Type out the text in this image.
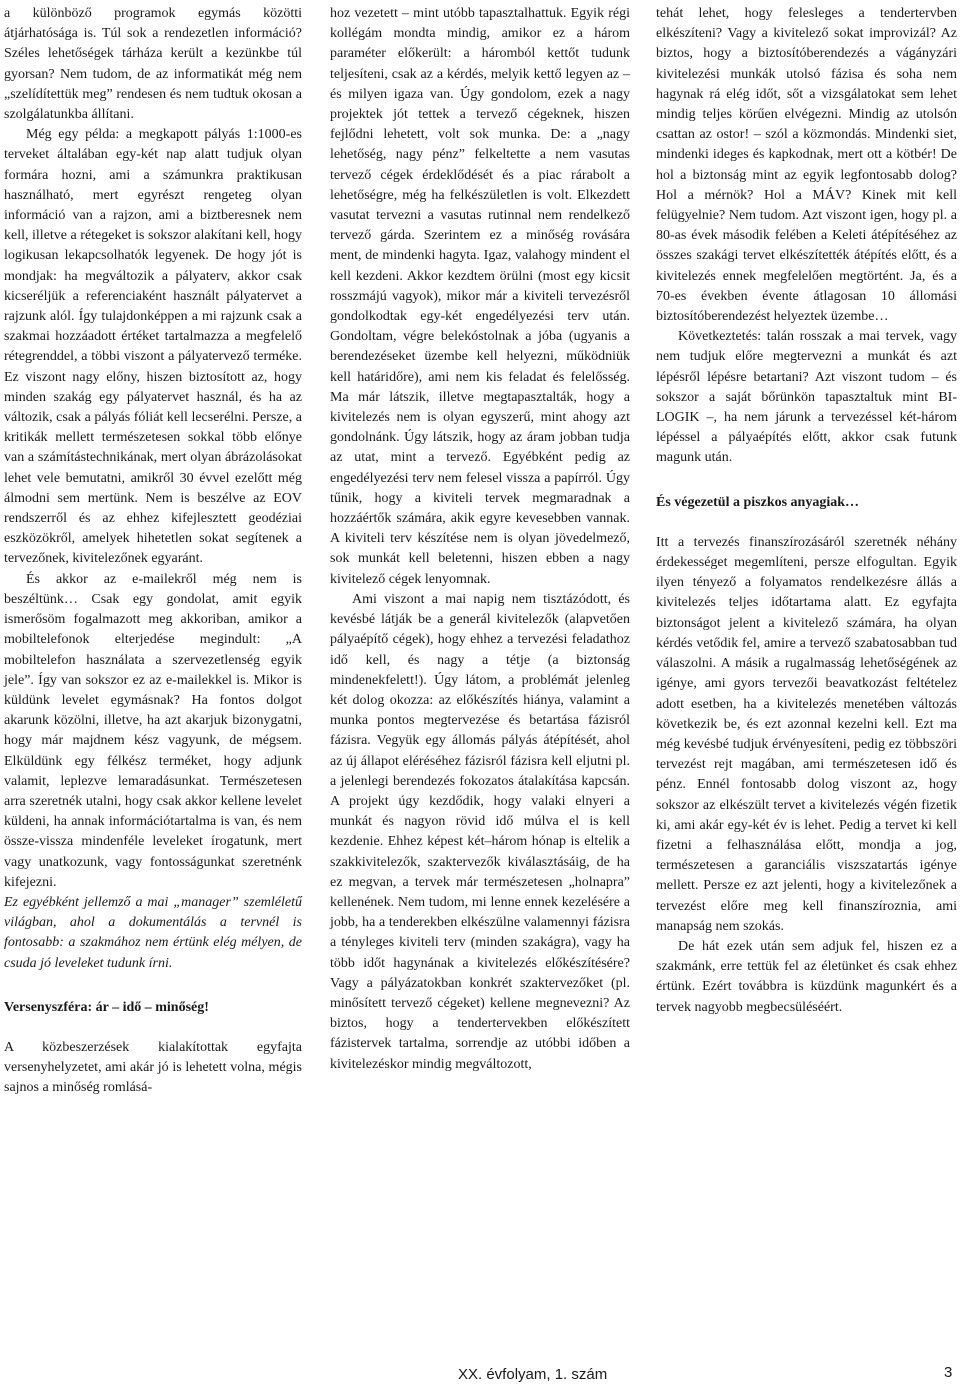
a különböző programok egymás közötti átjárhatósága is. Túl sok a rendezetlen információ? Széles lehetőségek tárháza került a kezünkbe túl gyorsan? Nem tudom, de az informatikát még nem „szelídítettük meg” rendesen és nem tudtuk okosan a szolgálatunkba állítani.

Még egy példa: a megkapott pályás 1:1000-es terveket általában egy-két nap alatt tudjuk olyan formára hozni, ami a számunkra praktikusan használható, mert egyrészt rengeteg olyan információ van a rajzon, ami a biztberesnek nem kell, illetve a rétegeket is sokszor alakítani kell, hogy logikusan lekapcsolhatók legyenek. De hogy jót is mondjak: ha megváltozik a pályaterv, akkor csak kicseréljük a referenciaként használt pályatervet a rajzunk alól. Így tulajdonképpen a mi rajzunk csak a szakmai hozzáadott értéket tartalmazza a megfelelő rétegrenddel, a többi viszont a pályatervező terméke. Ez viszont nagy előny, hiszen biztosított az, hogy minden szakág egy pályatervet használ, és ha az változik, csak a pályás fóliát kell lecserélni. Persze, a kritikák mellett természetesen sokkal több előnye van a számítástechnikának, mert olyan ábrázolásokat lehet vele bemutatni, amikről 30 évvel ezelőtt még álmodni sem mertünk. Nem is beszélve az EOV rendszerről és az ehhez kifejlesztett geodéziai eszközökről, amelyek hihetetlen sokat segítenek a tervezőnek, kivitelezőnek egyaránt.

És akkor az e-mailekről még nem is beszéltünk… Csak egy gondolat, amit egyik ismerősöm fogalmazott meg akkoriban, amikor a mobiltelefonok elterjedése megindult: „A mobiltelefon használata a szervezetlenség egyik jele”. Így van sokszor ez az e-mailekkel is. Mikor is küldünk levelet egymásnak? Ha fontos dolgot akarunk közölni, illetve, ha azt akarjuk bizonygatni, hogy már majdnem kész vagyunk, de mégsem. Elküldünk egy félkész terméket, hogy adjunk valamit, leplezve lemaradásunkat. Természetesen arra szeretnék utalni, hogy csak akkor kellene levelet küldeni, ha annak információtartalma is van, és nem össze-vissza mindenféle leveleket írogatunk, mert vagy unatkozunk, vagy fontosságunkat szeretnénk kifejezni.

Ez egyébként jellemző a mai „manager” szemléletű világban, ahol a dokumentálás a tervnél is fontosabb: a szakmához nem értünk elég mélyen, de csuda jó leveleket tudunk írni.

Versenyszféra: ár – idő – minőség!

A közbeszerzések kialakítottak egyfajta versenyhelyzetet, ami akár jó is lehetett volna, mégis sajnos a minőség romlásá-

hoz vezetett – mint utóbb tapasztalhattuk. Egyik régi kollégám mondta mindig, amikor ez a három paraméter előkerült: a háromból kettőt tudunk teljesíteni, csak az a kérdés, melyik kettő legyen az – és milyen igaza van. Úgy gondolom, ezek a nagy projektek jót tettek a tervező cégeknek, hiszen fejlődni lehetett, volt sok munka. De: a „nagy lehetőség, nagy pénz” felkeltette a nem vasutas tervező cégek érdeklődését és a piac rárabolt a lehetőségre, még ha felkészületlen is volt. Elkezdett vasutat tervezni a vasutas rutinnal nem rendelkező tervező gárda. Szerintem ez a minőség rovására ment, de mindenki hagyta. Igaz, valahogy mindent el kell kezdeni. Akkor kezdtem örülni (most egy kicsit rosszmájú vagyok), mikor már a kiviteli tervezésről gondolkodtak egy-két engedélyezési terv után. Gondoltam, végre belekóstolnak a jóba (ugyanis a berendezéseket üzembe kell helyezni, működniük kell határidőre), ami nem kis feladat és felelősség. Ma már látszik, illetve megtapasztalták, hogy a kivitelezés nem is olyan egyszerű, mint ahogy azt gondolnánk. Úgy látszik, hogy az áram jobban tudja az utat, mint a tervező. Egyébként pedig az engedélyezési terv nem felesel vissza a papírról. Úgy tűnik, hogy a kiviteli tervek megmaradnak a hozzáértők számára, akik egyre kevesebben vannak. A kiviteli terv készítése nem is olyan jövedelmező, sok munkát kell beletenni, hiszen ebben a nagy kivitelező cégek lenyomnak.

Ami viszont a mai napig nem tisztázódott, és kevésbé látják be a generál kivitelezők (alapvetően pályaépítő cégek), hogy ehhez a tervezési feladathoz idő kell, és nagy a tétje (a biztonság mindenekfelett!). Úgy látom, a problémát jelenleg két dolog okozza: az előkészítés hiánya, valamint a munka pontos megtervezése és betartása fázisról fázisra. Vegyük egy állomás pályás átépítését, ahol az új állapot eléréséhez fázisról fázisra kell eljutni pl. a jelenlegi berendezés fokozatos átalakítása kapcsán. A projekt úgy kezdődik, hogy valaki elnyeri a munkát és nagyon rövid idő múlva el is kell kezdenie. Ehhez képest két–három hónap is eltelik a szakkivitelezők, szaktervezők kiválasztásáig, de ha ez megvan, a tervek már természetesen „holnapra” kellenének. Nem tudom, mi lenne ennek kezelésére a jobb, ha a tenderekben elkészülne valamennyi fázisra a tényleges kiviteli terv (minden szakágra), vagy ha több időt hagynának a kivitelezés előkészítésére? Vagy a pályázatokban konkrét szaktervezőket (pl. minősített tervező cégeket) kellene megnevezni? Az biztos, hogy a tendertervekben előkészített fázistervek tartalma, sorrendje az utóbbi időben a kivitelezéskor mindig megváltozott,

tehát lehet, hogy felesleges a tendertervben elkészíteni? Vagy a kivitelező sokat improvizál? Az biztos, hogy a biztosítóberendezés a vágányzári kivitelezési munkák utolsó fázisa és soha nem hagynak rá elég időt, sőt a vizsgálatokat sem lehet mindig teljes körűen elvégezni. Mindig az utolsón csattan az ostor! – szól a közmondás. Mindenki siet, mindenki ideges és kapkodnak, mert ott a kötbér! De hol a biztonság mint az egyik legfontosabb dolog? Hol a mérnök? Hol a MÁV? Kinek mit kell felügyelnie? Nem tudom. Azt viszont igen, hogy pl. a 80-as évek második felében a Keleti átépítéséhez az összes szakági tervet elkészítették átépítés előtt, és a kivitelezés ennek megfelelően megtörtént. Ja, és a 70-es években évente átlagosan 10 állomási biztosítóberendezést helyeztek üzembe…

Következtetés: talán rosszak a mai tervek, vagy nem tudjuk előre megtervezni a munkát és azt lépésről lépésre betartani? Azt viszont tudom – és sokszor a saját bőrünkön tapasztaltuk mint BI-LOGIK –, ha nem járunk a tervezéssel két-három lépéssel a pályaépítés előtt, akkor csak futunk magunk után.

És végezetül a piszkos anyagiak…

Itt a tervezés finanszírozásáról szeretnék néhány érdekességet megemlíteni, persze elfogultan. Egyik ilyen tényező a folyamatos rendelkezésre állás a kivitelezés teljes időtartama alatt. Ez egyfajta biztonságot jelent a kivitelező számára, ha olyan kérdés vetődik fel, amire a tervező szabatosabban tud válaszolni. A másik a rugalmasság lehetőségének az igénye, ami gyors tervezői beavatkozást feltételez adott esetben, ha a kivitelezés menetében változás következik be, és ezt azonnal kezelni kell. Ezt ma még kevésbé tudjuk érvényesíteni, pedig ez többszöri tervezést rejt magában, ami természetesen idő és pénz. Ennél fontosabb dolog viszont az, hogy sokszor az elkészült tervet a kivitelezés végén fizetik ki, ami akár egy-két év is lehet. Pedig a tervet ki kell fizetni a felhasználása előtt, mondja a jog, természetesen a garanciális viszszatartás igénye mellett. Persze ez azt jelenti, hogy a kivitelezőnek a tervezést előre meg kell finanszíroznia, ami manapság nem szokás.

De hát ezek után sem adjuk fel, hiszen ez a szakmánk, erre tettük fel az életünket és csak ehhez értünk. Ezért továbbra is küzdünk magunkért és a tervek nagyobb megbecsüléséért.

XX. évfolyam, 1. szám	3
